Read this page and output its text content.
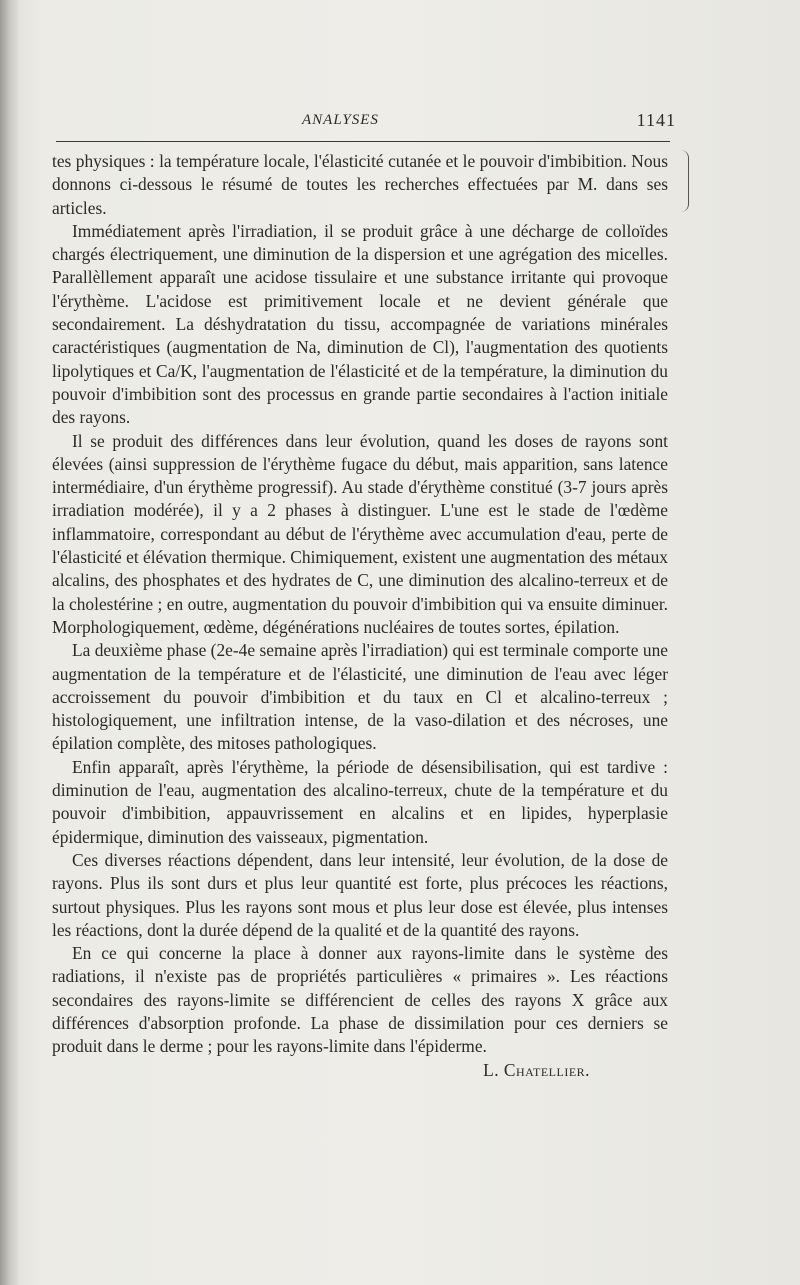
ANALYSES	1141

tes physiques : la température locale, l'élasticité cutanée et le pouvoir d'imbibition. Nous donnons ci-dessous le résumé de toutes les recherches effectuées par M. dans ses articles.

Immédiatement après l'irradiation, il se produit grâce à une décharge de colloïdes chargés électriquement, une diminution de la dispersion et une agrégation des micelles. Parallèllement apparaît une acidose tissulaire et une substance irritante qui provoque l'érythème. L'acidose est primitivement locale et ne devient générale que secondairement. La déshydratation du tissu, accompagnée de variations minérales caractéristiques (augmentation de Na, diminution de Cl), l'augmentation des quotients lipolytiques et Ca/K, l'augmentation de l'élasticité et de la température, la diminution du pouvoir d'imbibition sont des processus en grande partie secondaires à l'action initiale des rayons.

Il se produit des différences dans leur évolution, quand les doses de rayons sont élevées (ainsi suppression de l'érythème fugace du début, mais apparition, sans latence intermédiaire, d'un érythème progressif). Au stade d'érythème constitué (3-7 jours après irradiation modérée), il y a 2 phases à distinguer. L'une est le stade de l'œdème inflammatoire, correspondant au début de l'érythème avec accumulation d'eau, perte de l'élasticité et élévation thermique. Chimiquement, existent une augmentation des métaux alcalins, des phosphates et des hydrates de C, une diminution des alcalino-terreux et de la cholestérine ; en outre, augmentation du pouvoir d'imbibition qui va ensuite diminuer. Morphologiquement, œdème, dégénérations nucléaires de toutes sortes, épilation.

La deuxième phase (2e-4e semaine après l'irradiation) qui est terminale comporte une augmentation de la température et de l'élasticité, une diminution de l'eau avec léger accroissement du pouvoir d'imbibition et du taux en Cl et alcalino-terreux ; histologiquement, une infiltration intense, de la vaso-dilation et des nécroses, une épilation complète, des mitoses pathologiques.

Enfin apparaît, après l'érythème, la période de désensibilisation, qui est tardive : diminution de l'eau, augmentation des alcalino-terreux, chute de la température et du pouvoir d'imbibition, appauvrissement en alcalins et en lipides, hyperplasie épidermique, diminution des vaisseaux, pigmentation.

Ces diverses réactions dépendent, dans leur intensité, leur évolution, de la dose de rayons. Plus ils sont durs et plus leur quantité est forte, plus précoces les réactions, surtout physiques. Plus les rayons sont mous et plus leur dose est élevée, plus intenses les réactions, dont la durée dépend de la qualité et de la quantité des rayons.

En ce qui concerne la place à donner aux rayons-limite dans le système des radiations, il n'existe pas de propriétés particulières « primaires ». Les réactions secondaires des rayons-limite se différencient de celles des rayons X grâce aux différences d'absorption profonde. La phase de dissimilation pour ces derniers se produit dans le derme ; pour les rayons-limite dans l'épiderme.
L. Chatellier.
